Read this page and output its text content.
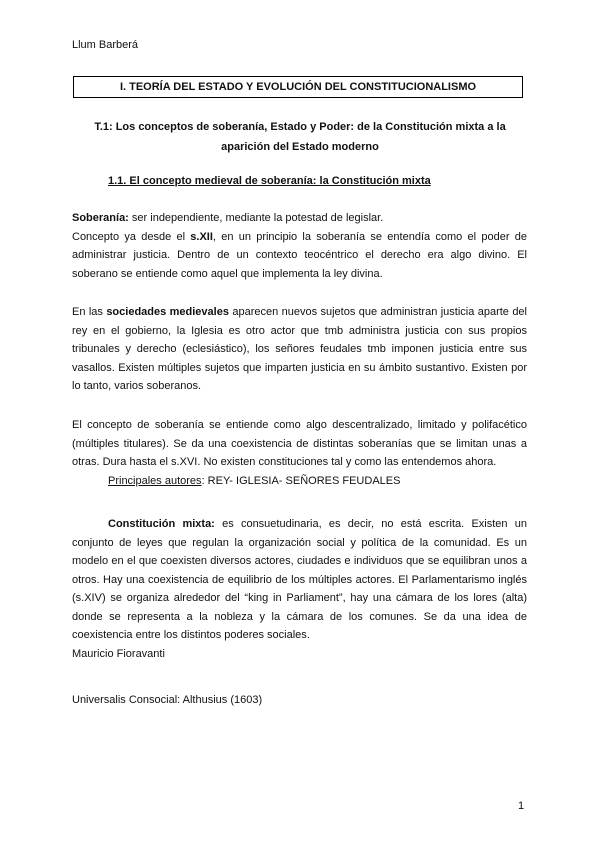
Llum Barberá
I. TEORÍA DEL ESTADO Y EVOLUCIÓN DEL CONSTITUCIONALISMO
T.1: Los conceptos de soberanía, Estado y Poder: de la Constitución mixta a la aparición del Estado moderno
1.1. El concepto medieval de soberanía: la Constitución mixta

Soberanía: ser independiente, mediante la potestad de legislar.

Concepto ya desde el s.XII, en un principio la soberanía se entendía como el poder de administrar justicia. Dentro de un contexto teocéntrico el derecho era algo divino. El soberano se entiende como aquel que implementa la ley divina.

En las sociedades medievales aparecen nuevos sujetos que administran justicia aparte del rey en el gobierno, la Iglesia es otro actor que tmb administra justicia con sus propios tribunales y derecho (eclesiástico), los señores feudales tmb imponen justicia entre sus vasallos. Existen múltiples sujetos que imparten justicia en su ámbito sustantivo. Existen por lo tanto, varios soberanos.

El concepto de soberanía se entiende como algo descentralizado, limitado y polifacético (múltiples titulares). Se da una coexistencia de distintas soberanías que se limitan unas a otras. Dura hasta el s.XVI. No existen constituciones tal y como las entendemos ahora.

Principales autores: REY- IGLESIA- SEÑORES FEUDALES

Constitución mixta: es consuetudinaria, es decir, no está escrita. Existen un conjunto de leyes que regulan la organización social y política de la comunidad. Es un modelo en el que coexisten diversos actores, ciudades e individuos que se equilibran unos a otros. Hay una coexistencia de equilibrio de los múltiples actores. El Parlamentarismo inglés (s.XIV) se organiza alrededor del “king in Parliament”, hay una cámara de los lores (alta) donde se representa a la nobleza y la cámara de los comunes. Se da una idea de coexistencia entre los distintos poderes sociales.

Mauricio Fioravanti

Universalis Consocial: Althusius (1603)
1
